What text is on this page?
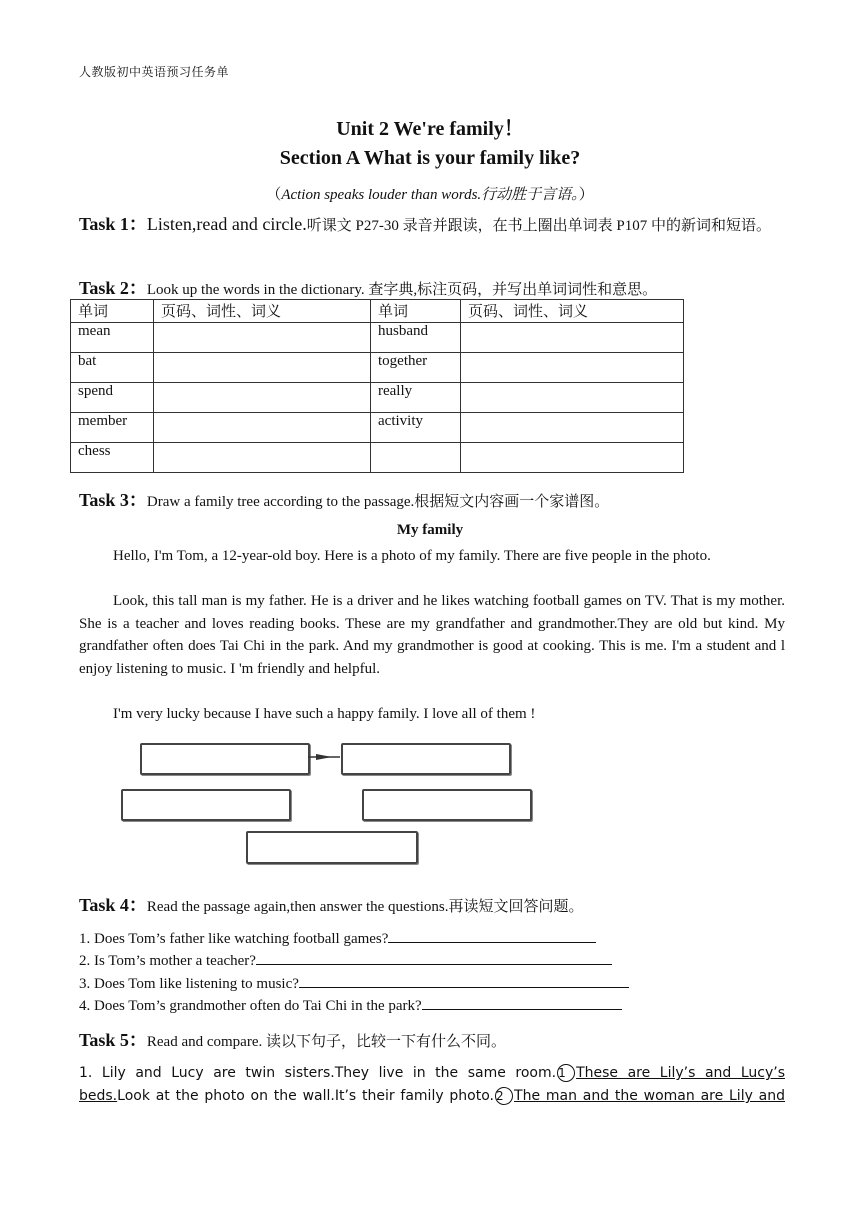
人教版初中英语预习任务单
Unit 2 We're family！
Section A What is your family like?
（Action speaks louder than words.行动胜于言语。）
Task 1：Listen,read and circle.听课文 P27-30 录音并跟读，在书上圈出单词表 P107 中的新词和短语。
Task 2：Look up the words in the dictionary. 查字典,标注页码，并写出单词词性和意思。
单词	页码、词性、词义	单词	页码、词性、词义
mean		husband	
bat		together	
spend		really	
member		activity	
chess			
Task 3：Draw a family tree according to the passage.根据短文内容画一个家谱图。
My family
Hello, I'm Tom, a 12-year-old boy. Here is a photo of my family. There are five people in the photo.
Look, this tall man is my father. He is a driver and he likes watching football games on TV. That is my mother. She is a teacher and loves reading books. These are my grandfather and grandmother.They are old but kind. My grandfather often does Tai Chi in the park. And my grandmother is good at cooking. This is me. I'm a student and l enjoy listening to music. I 'm friendly and helpful.
I'm very lucky because I have such a happy family. I love all of them !
Task 4：Read the passage again,then answer the questions.再读短文回答问题。
1. Does Tom’s father like watching football games?
2. Is Tom’s mother a teacher?
3. Does Tom like listening to music?
4. Does Tom’s grandmother often do Tai Chi in the park?
Task 5：Read and compare. 读以下句子，比较一下有什么不同。
1. Lily and Lucy are twin sisters.They live in the same room. 1 These are Lily’s and Lucy’s
beds.Look at the photo on the wall.It’s their family photo. 2 The man and the woman are Lily and
